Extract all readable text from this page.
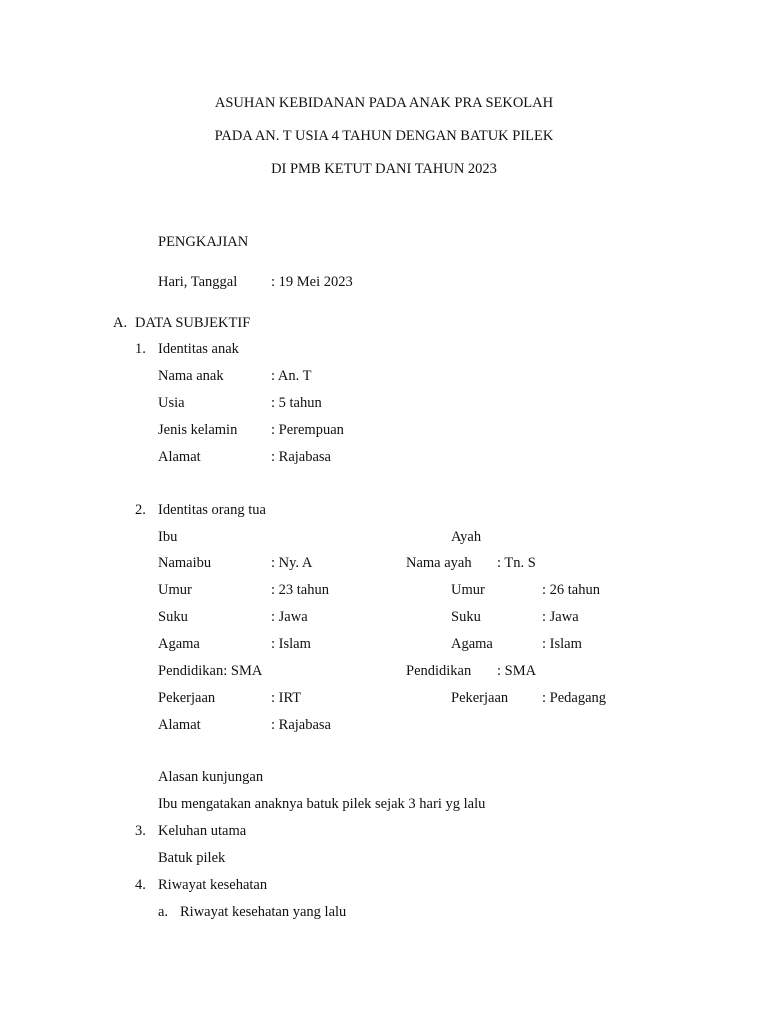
ASUHAN KEBIDANAN PADA ANAK PRA SEKOLAH
PADA AN. T USIA 4 TAHUN DENGAN BATUK PILEK
DI PMB KETUT DANI TAHUN 2023
PENGKAJIAN
Hari, Tanggal : 19 Mei 2023
A. DATA SUBJEKTIF
1. Identitas anak
Nama anak	: An. T
Usia	: 5 tahun
Jenis kelamin : Perempuan
Alamat	: Rajabasa
2. Identitas orang tua
Ibu	Ayah
Namaibu	: Ny. A	Nama ayah : Tn. S
Umur	: 23 tahun	Umur	: 26 tahun
Suku	: Jawa	Suku	: Jawa
Agama	: Islam	Agama	: Islam
Pendidikan: SMA	Pendidikan : SMA
Pekerjaan	: IRT	Pekerjaan : Pedagang
Alamat	: Rajabasa
Alasan kunjungan
Ibu mengatakan anaknya batuk pilek sejak 3 hari yg lalu
3. Keluhan utama
Batuk pilek
4. Riwayat kesehatan
a. Riwayat kesehatan yang lalu
